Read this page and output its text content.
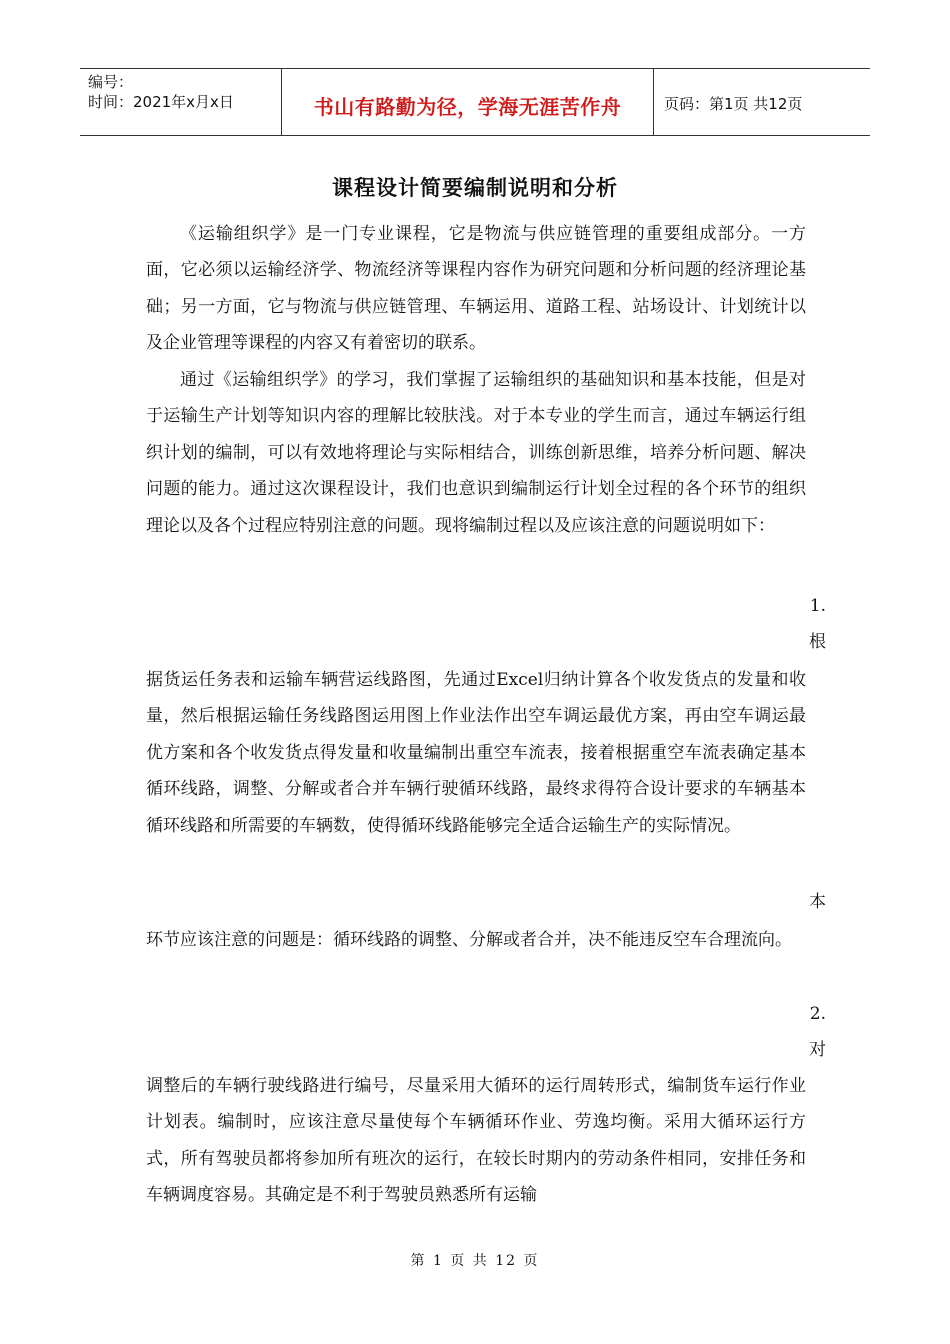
编号：
时间：2021年x月x日	书山有路勤为径，学海无涯苦作舟	页码：第1页 共12页
课程设计简要编制说明和分析

《运输组织学》是一门专业课程，它是物流与供应链管理的重要组成部分。一方面，它必须以运输经济学、物流经济等课程内容作为研究问题和分析问题的经济理论基础；另一方面，它与物流与供应链管理、车辆运用、道路工程、站场设计、计划统计以及企业管理等课程的内容又有着密切的联系。

通过《运输组织学》的学习，我们掌握了运输组织的基础知识和基本技能，但是对于运输生产计划等知识内容的理解比较肤浅。对于本专业的学生而言，通过车辆运行组织计划的编制，可以有效地将理论与实际相结合，训练创新思维，培养分析问题、解决问题的能力。通过这次课程设计，我们也意识到编制运行计划全过程的各个环节的组织理论以及各个过程应特别注意的问题。现将编制过程以及应该注意的问题说明如下：

1.
根

据货运任务表和运输车辆营运线路图，先通过Excel归纳计算各个收发货点的发量和收量，然后根据运输任务线路图运用图上作业法作出空车调运最优方案，再由空车调运最优方案和各个收发货点得发量和收量编制出重空车流表，接着根据重空车流表确定基本循环线路，调整、分解或者合并车辆行驶循环线路，最终求得符合设计要求的车辆基本循环线路和所需要的车辆数，使得循环线路能够完全适合运输生产的实际情况。

本

环节应该注意的问题是：循环线路的调整、分解或者合并，决不能违反空车合理流向。

2.
对

调整后的车辆行驶线路进行编号，尽量采用大循环的运行周转形式，编制货车运行作业计划表。编制时，应该注意尽量使每个车辆循环作业、劳逸均衡。采用大循环运行方式，所有驾驶员都将参加所有班次的运行，在较长时期内的劳动条件相同，安排任务和车辆调度容易。其确定是不利于驾驶员熟悉所有运输

第 1 页 共 12 页
